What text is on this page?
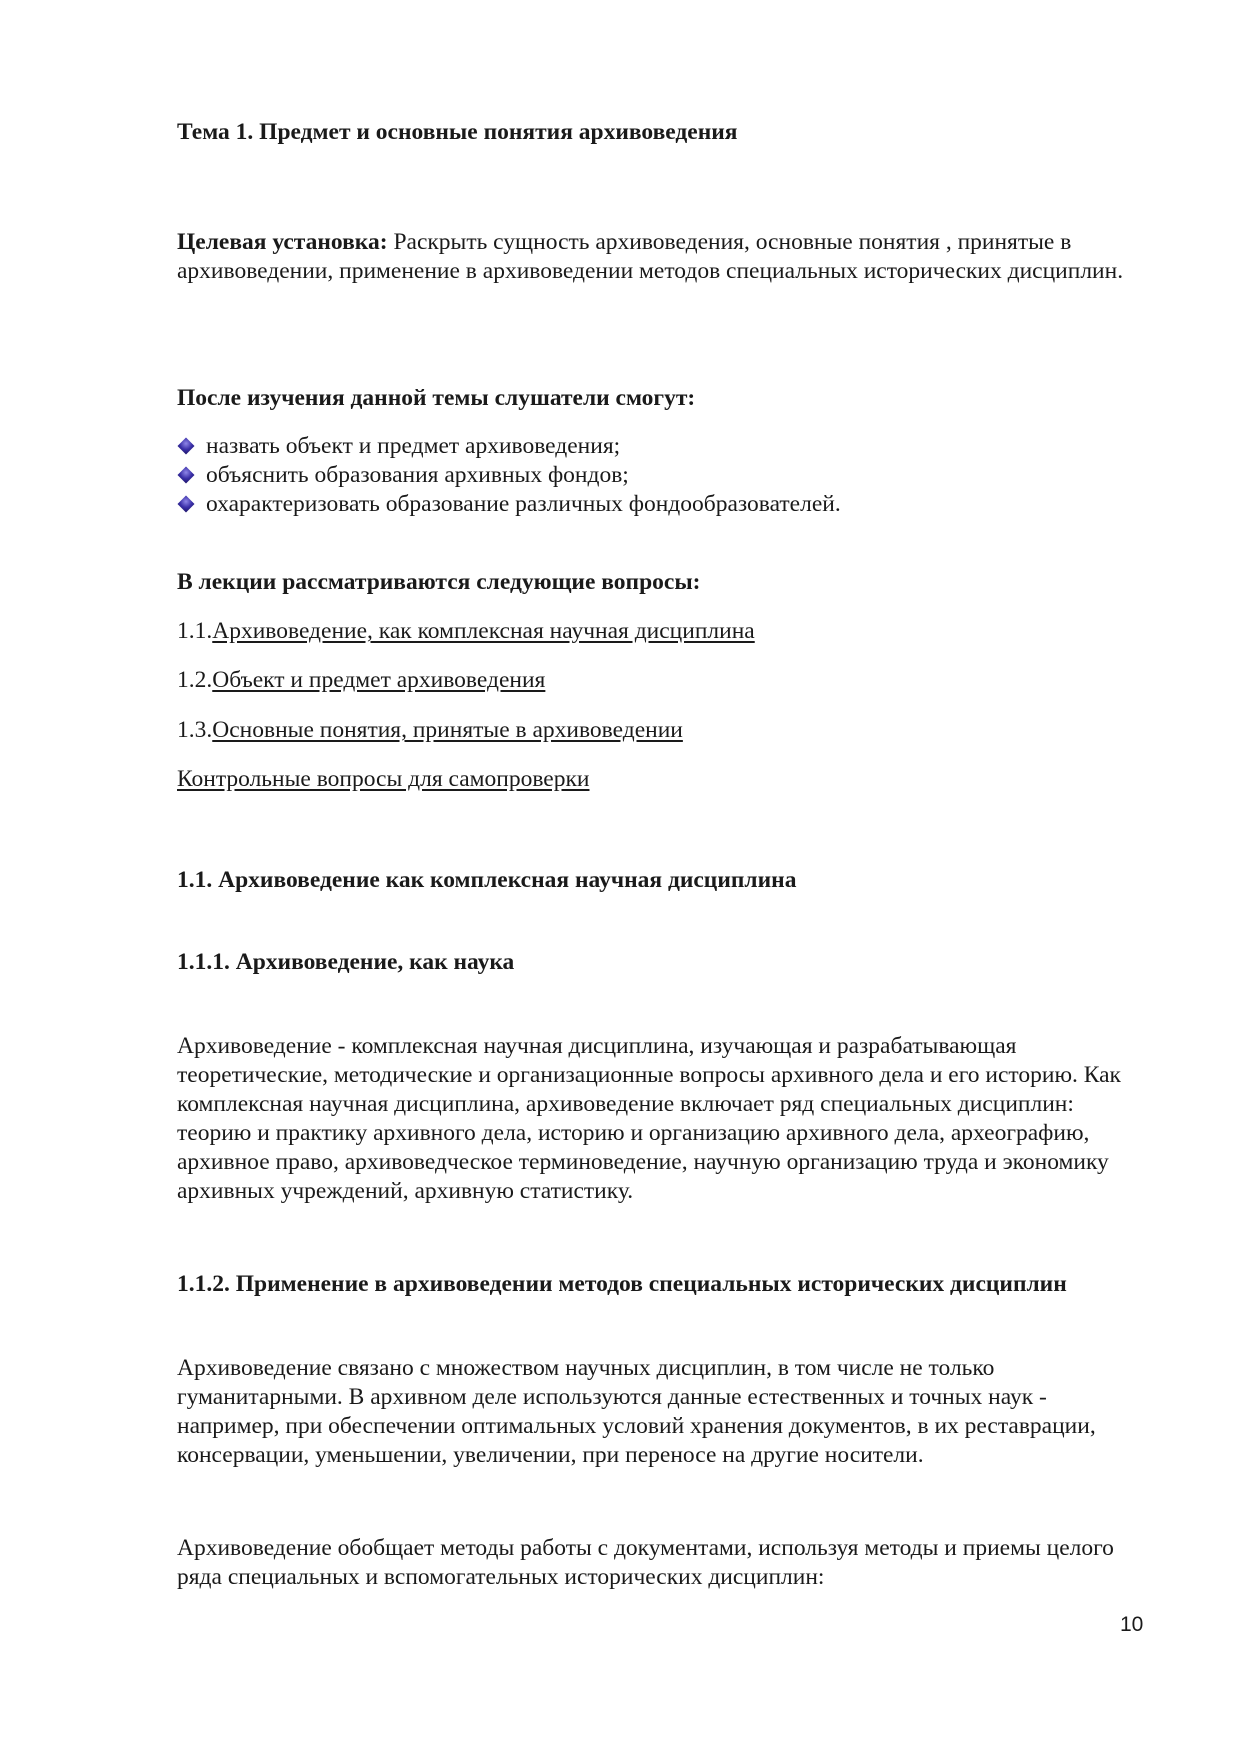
Тема 1. Предмет и основные понятия архивоведения
Целевая установка: Раскрыть сущность архивоведения, основные понятия , принятые в архивоведении, применение в архивоведении методов специальных исторических дисциплин.
После изучения данной темы слушатели смогут:
назвать объект и предмет архивоведения;
объяснить образования архивных фондов;
охарактеризовать образование различных фондообразователей.
В лекции рассматриваются следующие вопросы:
1.1.Архивоведение, как комплексная научная дисциплина
1.2.Объект и предмет архивоведения
1.3.Основные понятия, принятые в архивоведении
Контрольные вопросы для самопроверки
1.1. Архивоведение как комплексная научная дисциплина
1.1.1. Архивоведение, как наука
Архивоведение - комплексная научная дисциплина, изучающая и разрабатывающая теоретические, методические и организационные вопросы архивного дела и его историю. Как комплексная научная дисциплина, архивоведение включает ряд специальных дисциплин: теорию и практику архивного дела, историю и организацию архивного дела, археографию, архивное право, архивоведческое терминоведение, научную организацию труда и экономику архивных учреждений, архивную статистику.
1.1.2. Применение в архивоведении методов специальных исторических дисциплин
Архивоведение связано с множеством научных дисциплин, в том числе не только гуманитарными. В архивном деле используются данные естественных и точных наук - например, при обеспечении оптимальных условий хранения документов, в их реставрации, консервации, уменьшении, увеличении, при переносе на другие носители.
Архивоведение обобщает методы работы с документами, используя методы и приемы целого ряда специальных и вспомогательных исторических дисциплин:
10
